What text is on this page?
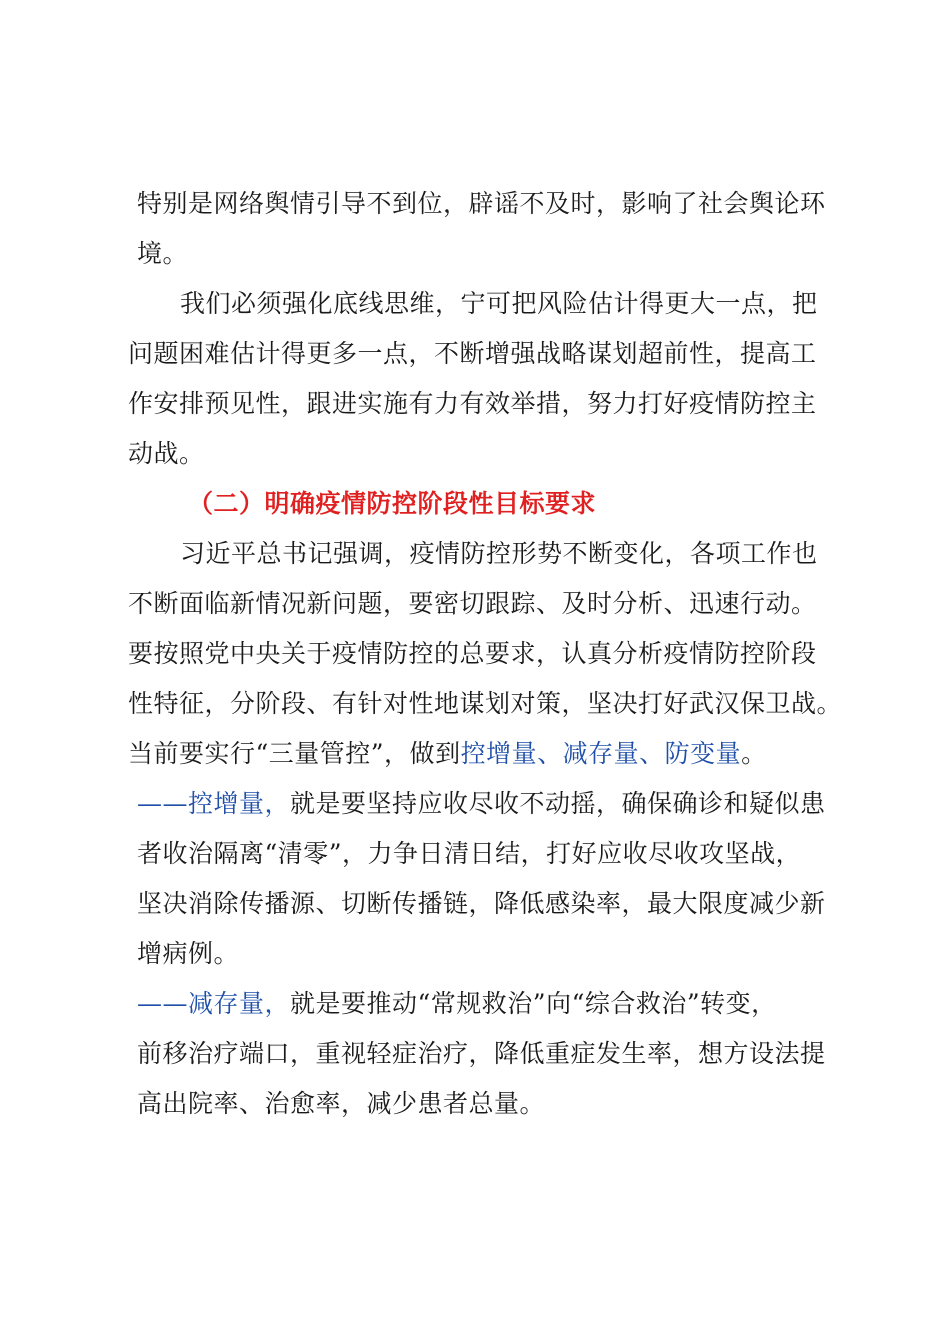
特别是网络舆情引导不到位，辟谣不及时，影响了社会舆论环

境。

我们必须强化底线思维，宁可把风险估计得更大一点，把

问题困难估计得更多一点，不断增强战略谋划超前性，提高工

作安排预见性，跟进实施有力有效举措，努力打好疫情防控主

动战。

（二）明确疫情防控阶段性目标要求

习近平总书记强调，疫情防控形势不断变化，各项工作也

不断面临新情况新问题，要密切跟踪、及时分析、迅速行动。

要按照党中央关于疫情防控的总要求，认真分析疫情防控阶段

性特征，分阶段、有针对性地谋划对策，坚决打好武汉保卫战。

当前要实行“三量管控”，做到控增量、减存量、防变量。

——控增量，就是要坚持应收尽收不动摇，确保确诊和疑似患

者收治隔离“清零”，力争日清日结，打好应收尽收攻坚战，

坚决消除传播源、切断传播链，降低感染率，最大限度减少新

增病例。

——减存量，就是要推动“常规救治”向“综合救治”转变，

前移治疗端口，重视轻症治疗，降低重症发生率，想方设法提

高出院率、治愈率，减少患者总量。
